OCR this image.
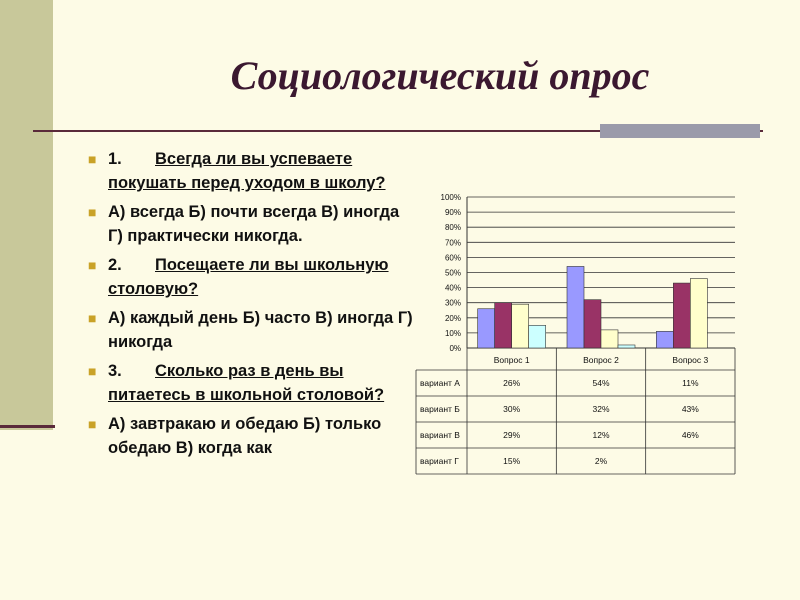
Социологический опрос
■ 1. Всегда ли вы успеваете покушать перед уходом в школу?
■ А) всегда Б) почти всегда В) иногда Г) практически никогда.
■ 2. Посещаете ли вы школьную столовую?
■ А) каждый день Б) часто В) иногда Г) никогда
■ 3. Сколько раз в день вы питаетесь в школьной столовой?
■ А) завтракаю и обедаю Б) только обедаю В) когда как
0%
10%
20%
30%
40%
50%
60%
70%
80%
90%
100%
Вопрос 1	Вопрос 2	Вопрос 3
вариант А	26%	54%	11%
вариант Б	30%	32%	43%
вариант В	29%	12%	46%
вариант Г	15%	2%
